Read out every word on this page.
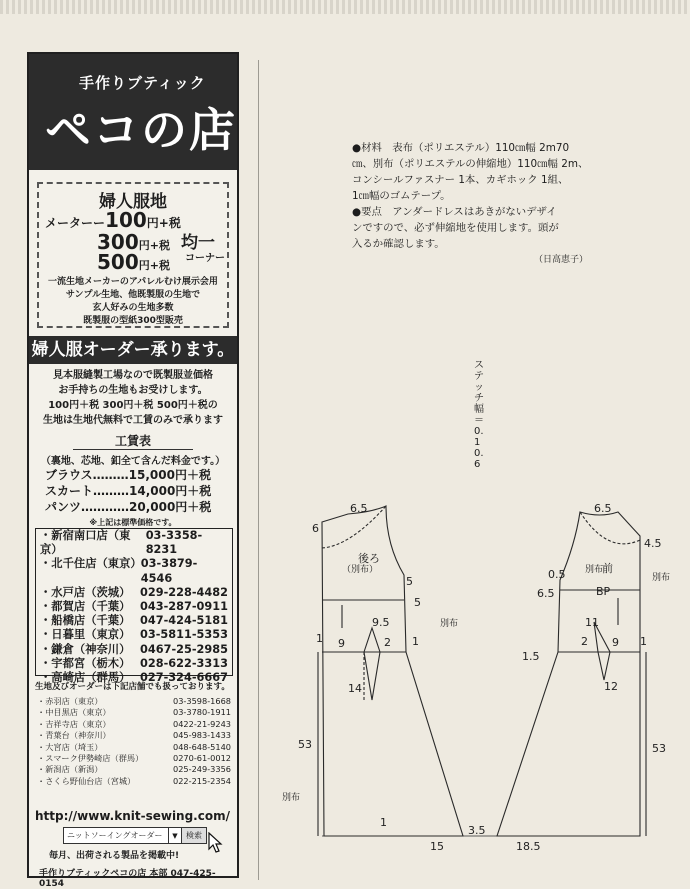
手作りブティック
ペコの店
婦人服地
メーターー100円+税
300円+税
500円+税
均一
コーナー
一流生地メーカーのアパレルむけ展示会用
サンプル生地、他既製服の生地で
玄人好みの生地多数
既製服の型紙300型販売
婦人服オーダー承ります。
見本服縫製工場なので既製服並価格
お手持ちの生地もお受けします。
100円＋税 300円＋税 500円＋税の
生地は生地代無料で工賃のみで承ります
工賃表
（裏地、芯地、釦全て含んだ料金です。）
ブラウス………15,000円＋税
スカート………14,000円＋税
パンツ…………20,000円＋税
※上記は標準価格です。
・新宿南口店（東京）
03-3358-8231
・北千住店（東京） 03-3879-4546
・水戸店（茨城） 029-228-4482
・都賀店（千葉） 043-287-0911
・船橋店（千葉） 047-424-5181
・日暮里（東京） 03-5811-5353
・鎌倉（神奈川） 0467-25-2985
・宇都宮（栃木） 028-622-3313
・高崎店（群馬） 027-324-6667
生地及びオーダーは下記店舗でも扱っております。
・赤羽店（東京）	03-3598-1668
・中目黒店（東京）	03-3780-1911
・吉祥寺店（東京）	0422-21-9243
・青葉台（神奈川）	045-983-1433
・大宮店（埼玉）	048-648-5140
・スマーク伊勢崎店（群馬）	0270-61-0012
・新潟店（新潟）	025-249-3356
・さくら野仙台店（宮城）	022-215-2354
http://www.knit-sewing.com/
ニットソーイングオーダー	▼	検索
毎月、出荷される製品を掲載中!
手作りブティックペコの店 本部 047-425-0154
●材料　表布（ポリエステル）110㎝幅 2m70
㎝、別布（ポリエステルの伸縮地）110㎝幅 2m、
コンシールファスナー 1本、カギホック 1組、
1㎝幅のゴムテープ。
●要点　アンダードレスはあきがないデザイ
ンですので、必ず伸縮地を使用します。頭が
入るか確認します。
（日高恵子）
ステッチ幅＝0.1 0.6
6.5
6
後ろ
（別布）
5
5
別布
9.5
1 9	2 1
14
53
別布
1
15
3.5
6.5
4.5
別布
0.5	前
別布
6.5	BP
11
2 9 1
1.5
12
53
18.5
